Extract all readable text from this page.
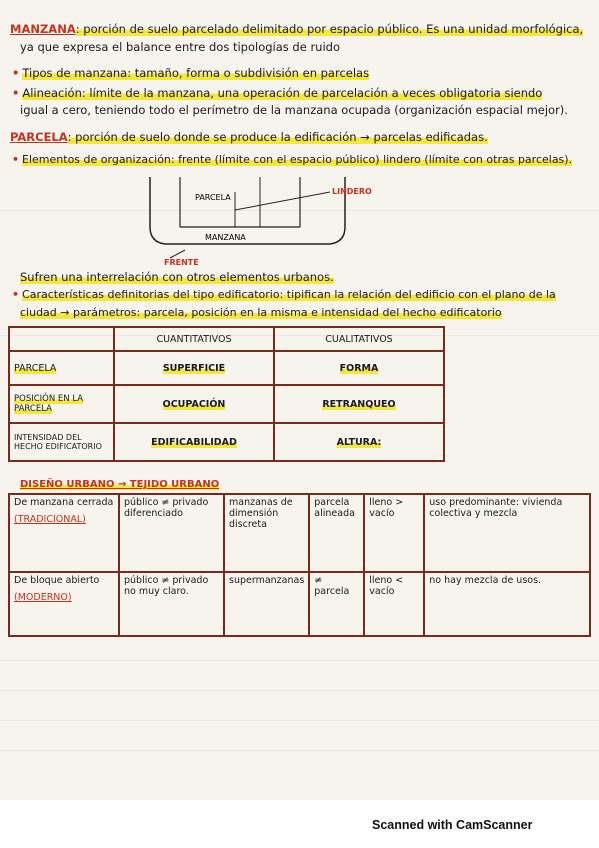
MANZANA: porción de suelo parcelado delimitado por espacio público. Es una unidad morfológica,
ya que expresa el balance entre dos tipologías de ruido
• Tipos de manzana: tamaño, forma o subdivisión en parcelas
• Alineación: límite de la manzana, una operación de parcelación a veces obligatoria siendo
igual a cero, teniendo todo el perímetro de la manzana ocupada (organización espacial mejor).
PARCELA: porción de suelo donde se produce la edificación → parcelas edificadas.
• Elementos de organización: frente (límite con el espacio público) lindero (límite con otras parcelas).
PARCELA
MANZANA
LINDERO
FRENTE
Sufren una interrelación con otros elementos urbanos.
• Características definitorias del tipo edificatorio: tipifican la relación del edificio con el plano de la
ciudad → parámetros: parcela, posición en la misma e intensidad del hecho edificatorio
	CUANTITATIVOS	CUALITATIVOS
PARCELA	SUPERFICIE	FORMA
POSICIÓN EN LA PARCELA	OCUPACIÓN	RETRANQUEO
INTENSIDAD DEL HECHO EDIFICATORIO	EDIFICABILIDAD	ALTURA:
DISEÑO URBANO → TEJIDO URBANO
De manzana cerrada
(TRADICIONAL)	público ≠ privado diferenciado	manzanas de dimensión discreta	parcela alineada	lleno > vacío	uso predominante: vivienda colectiva y mezcla

De bloque abierto
(MODERNO)	público ≠ privado no muy claro.	supermanzanas	≠ parcela	lleno < vacío	no hay mezcla de usos.
Scanned with CamScanner
